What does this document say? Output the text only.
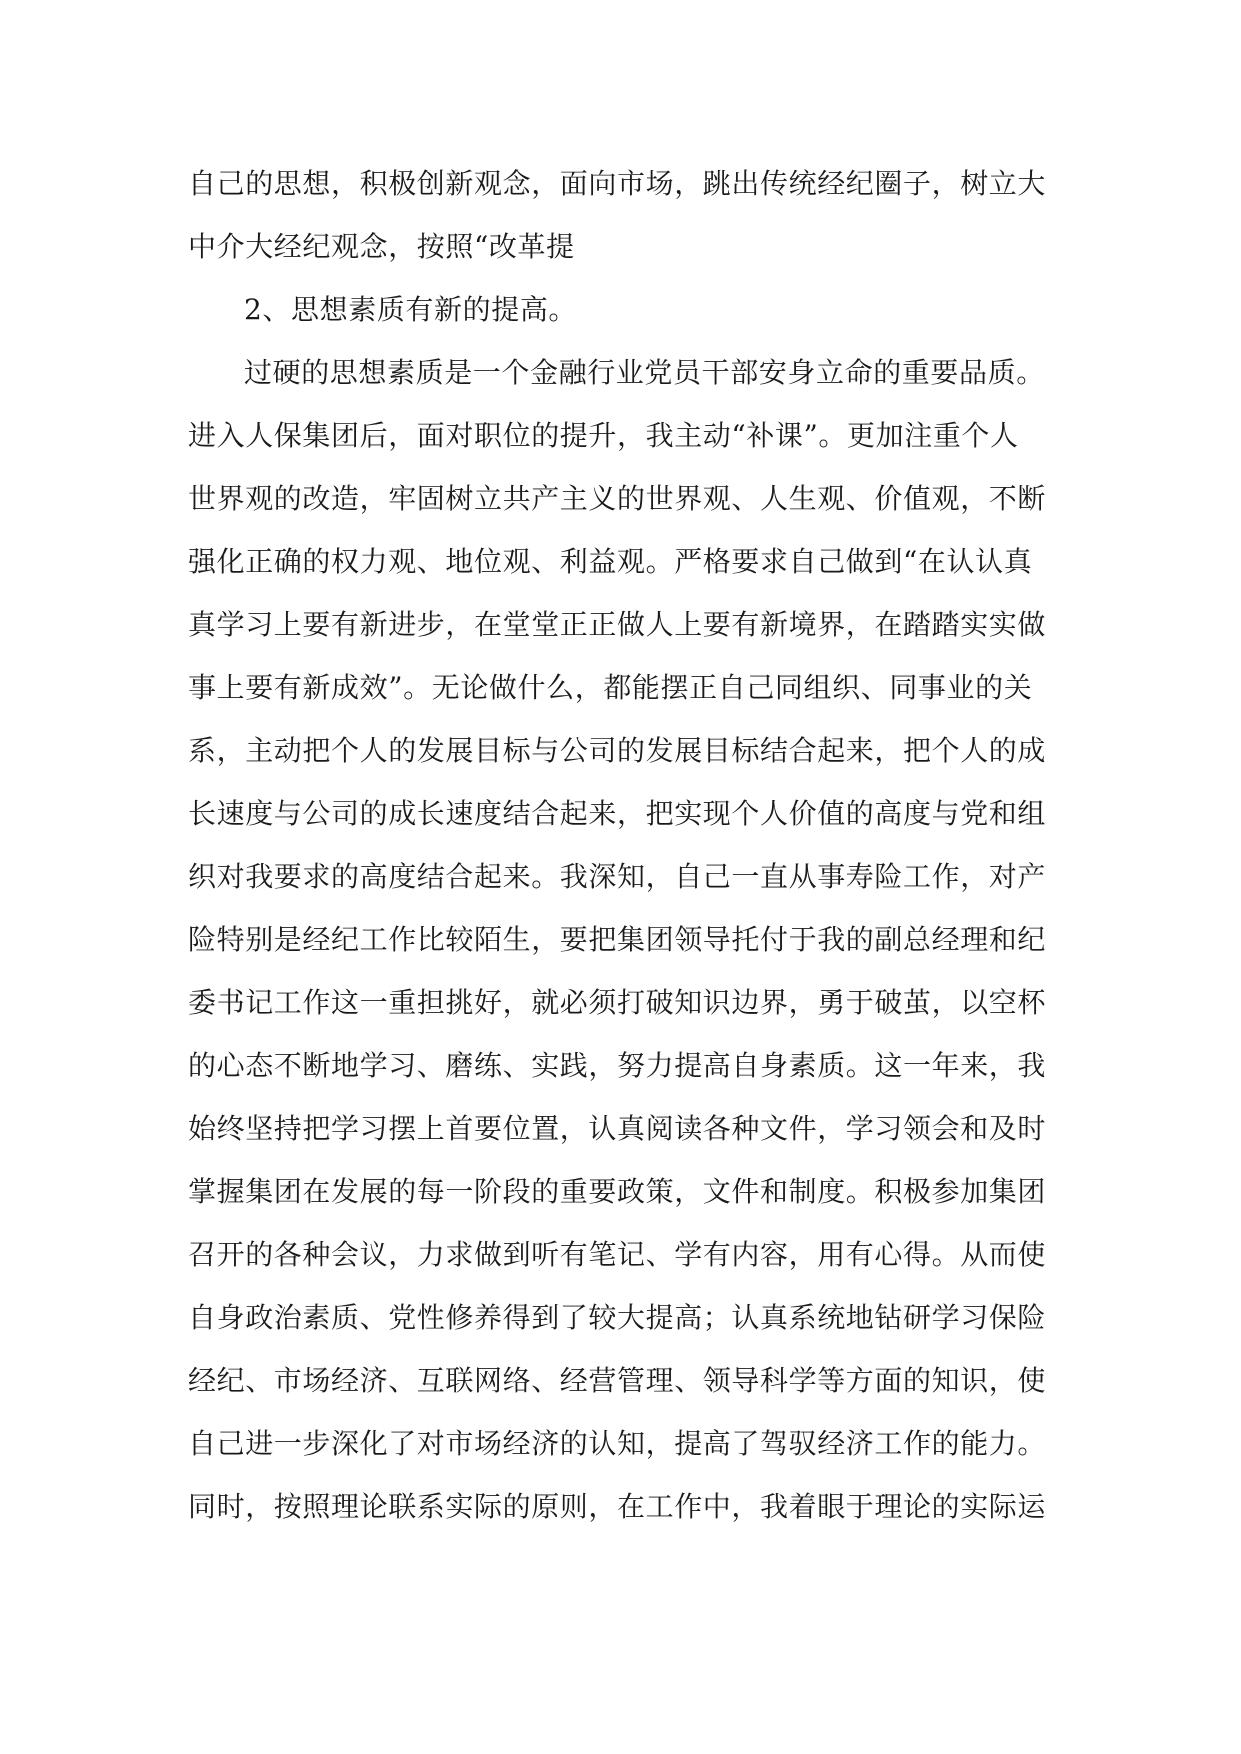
自己的思想，积极创新观念，面向市场，跳出传统经纪圈子，树立大
中介大经纪观念，按照“改革提
2、思想素质有新的提高。
过硬的思想素质是一个金融行业党员干部安身立命的重要品质。
进入人保集团后，面对职位的提升，我主动“补课”。更加注重个人
世界观的改造，牢固树立共产主义的世界观、人生观、价值观，不断
强化正确的权力观、地位观、利益观。严格要求自己做到“在认认真
真学习上要有新进步，在堂堂正正做人上要有新境界，在踏踏实实做
事上要有新成效”。无论做什么，都能摆正自己同组织、同事业的关
系，主动把个人的发展目标与公司的发展目标结合起来，把个人的成
长速度与公司的成长速度结合起来，把实现个人价值的高度与党和组
织对我要求的高度结合起来。我深知，自己一直从事寿险工作，对产
险特别是经纪工作比较陌生，要把集团领导托付于我的副总经理和纪
委书记工作这一重担挑好，就必须打破知识边界，勇于破茧，以空杯
的心态不断地学习、磨练、实践，努力提高自身素质。这一年来，我
始终坚持把学习摆上首要位置，认真阅读各种文件，学习领会和及时
掌握集团在发展的每一阶段的重要政策，文件和制度。积极参加集团
召开的各种会议，力求做到听有笔记、学有内容，用有心得。从而使
自身政治素质、党性修养得到了较大提高；认真系统地钻研学习保险
经纪、市场经济、互联网络、经营管理、领导科学等方面的知识，使
自己进一步深化了对市场经济的认知，提高了驾驭经济工作的能力。
同时，按照理论联系实际的原则，在工作中，我着眼于理论的实际运
